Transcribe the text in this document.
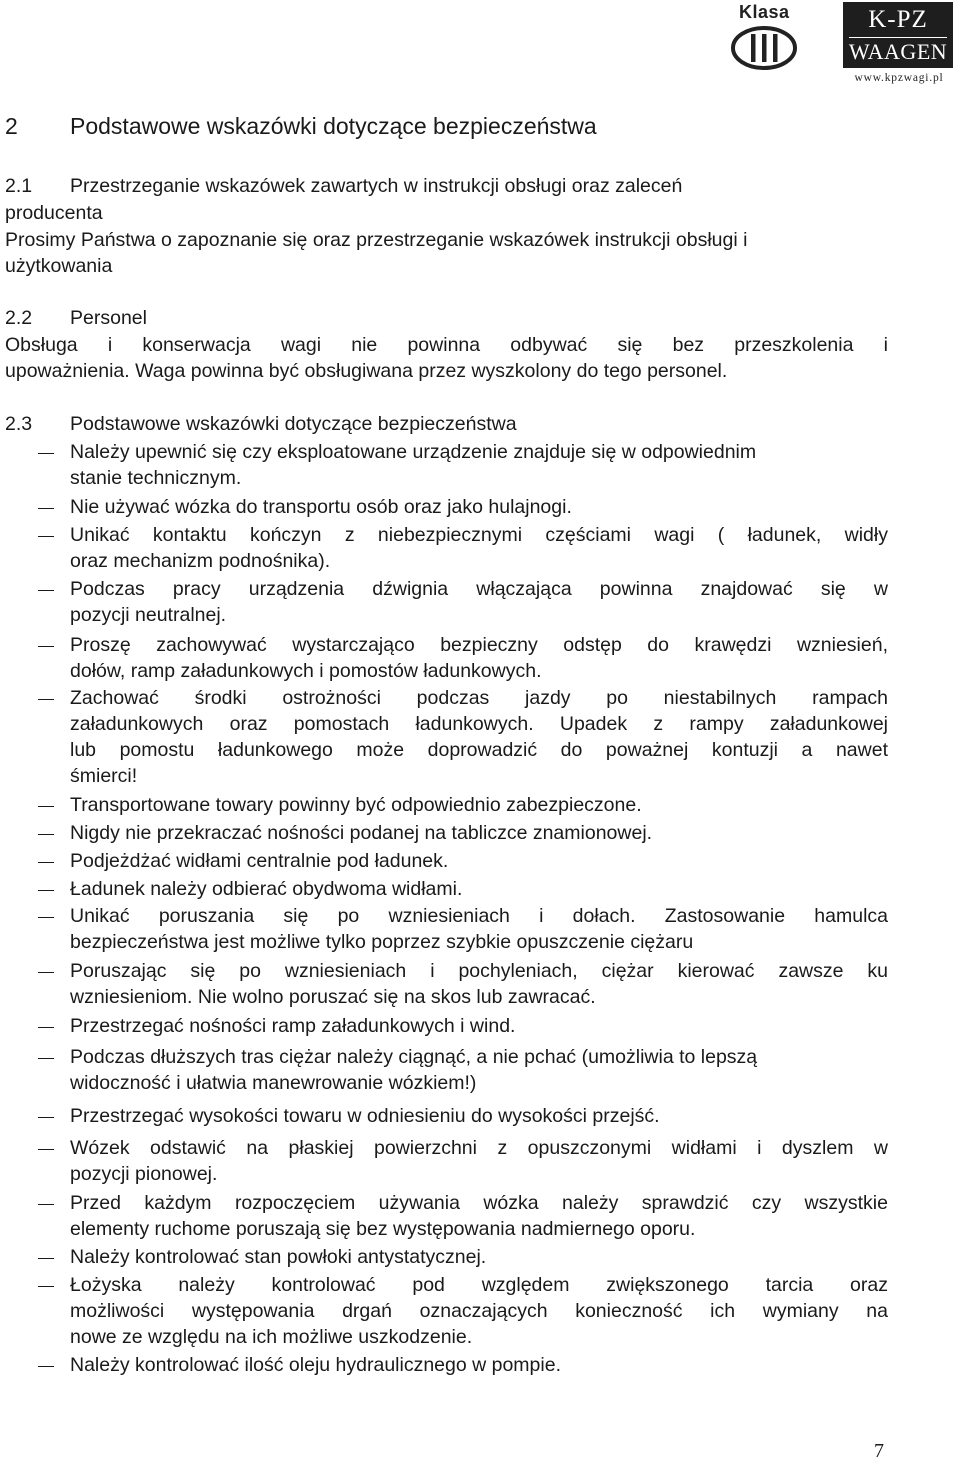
Klasa	K-PZ
WAAGEN
www.kpzwagi.pl
2 Podstawowe wskazówki dotyczące bezpieczeństwa
2.1 Przestrzeganie wskazówek zawartych w instrukcji obsługi oraz zaleceń
producenta
Prosimy Państwa o zapoznanie się oraz przestrzeganie wskazówek instrukcji obsługi i
użytkowania
2.2 Personel
Obsługa i konserwacja wagi nie powinna odbywać się bez przeszkolenia i
upoważnienia. Waga powinna być obsługiwana przez wyszkolony do tego personel.
2.3 Podstawowe wskazówki dotyczące bezpieczeństwa
Należy upewnić się czy eksploatowane urządzenie znajduje się w odpowiednim
stanie technicznym.
Nie używać wózka do transportu osób oraz jako hulajnogi.
Unikać kontaktu kończyn z niebezpiecznymi częściami wagi ( ładunek, widły
oraz mechanizm podnośnika).
Podczas pracy urządzenia dźwignia włączająca powinna znajdować się w
pozycji neutralnej.
Proszę zachowywać wystarczająco bezpieczny odstęp do krawędzi wzniesień,
dołów, ramp załadunkowych i pomostów ładunkowych.
Zachować środki ostrożności podczas jazdy po niestabilnych rampach
załadunkowych oraz pomostach ładunkowych. Upadek z rampy załadunkowej
lub pomostu ładunkowego może doprowadzić do poważnej kontuzji a nawet
śmierci!
Transportowane towary powinny być odpowiednio zabezpieczone.
Nigdy nie przekraczać nośności podanej na tabliczce znamionowej.
Podjeżdżać widłami centralnie pod ładunek.
Ładunek należy odbierać obydwoma widłami.
Unikać poruszania się po wzniesieniach i dołach. Zastosowanie hamulca
bezpieczeństwa jest możliwe tylko poprzez szybkie opuszczenie ciężaru
Poruszając się po wzniesieniach i pochyleniach, ciężar kierować zawsze ku
wzniesieniom. Nie wolno poruszać się na skos lub zawracać.
Przestrzegać nośności ramp załadunkowych i wind.
Podczas dłuższych tras ciężar należy ciągnąć, a nie pchać (umożliwia to lepszą
widoczność i ułatwia manewrowanie wózkiem!)
Przestrzegać wysokości towaru w odniesieniu do wysokości przejść.
Wózek odstawić na płaskiej powierzchni z opuszczonymi widłami i dyszlem w
pozycji pionowej.
Przed każdym rozpoczęciem używania wózka należy sprawdzić czy wszystkie
elementy ruchome poruszają się bez występowania nadmiernego oporu.
Należy kontrolować stan powłoki antystatycznej.
Łożyska należy kontrolować pod względem zwiększonego tarcia oraz
możliwości występowania drgań oznaczających konieczność ich wymiany na
nowe ze względu na ich możliwe uszkodzenie.
Należy kontrolować ilość oleju hydraulicznego w pompie.
7
